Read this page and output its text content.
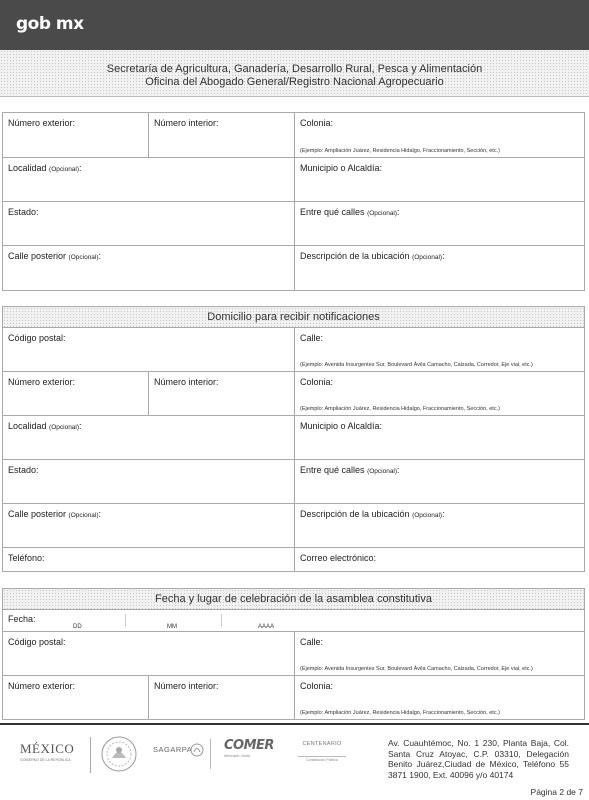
gob mx
Secretaría de Agricultura, Ganadería, Desarrollo Rural, Pesca y Alimentación
Oficina del Abogado General/Registro Nacional Agropecuario
Número exterior:	Número interior:	Colonia:
(Ejemplo: Ampliación Juárez, Residencia Hidalgo, Fraccionamiento, Sección, etc.)
Localidad (Opcional):	Municipio o Alcaldía:
Estado:	Entre qué calles (Opcional):
Calle posterior (Opcional):	Descripción de la ubicación (Opcional):
Domicilio para recibir notificaciones
Código postal:	Calle:
(Ejemplo: Avenida Insurgentes Sur, Boulevard Ávila Camacho, Calzada, Corredor, Eje vial, etc.)
Número exterior:	Número interior:	Colonia:
(Ejemplo: Ampliación Juárez, Residencia Hidalgo, Fraccionamiento, Sección, etc.)
Localidad (Opcional):	Municipio o Alcaldía:
Estado:	Entre qué calles (Opcional):
Calle posterior (Opcional):	Descripción de la ubicación (Opcional):
Teléfono:	Correo electrónico:
Fecha y lugar de celebración de la asamblea constitutiva
Fecha:
DD	MM	AAAA
Código postal:	Calle:
(Ejemplo: Avenida Insurgentes Sur, Boulevard Ávila Camacho, Calzada, Corredor, Eje vial, etc.)
Número exterior:	Número interior:	Colonia:
(Ejemplo: Ampliación Juárez, Residencia Hidalgo, Fraccionamiento, Sección, etc.)
MÉXICO
GOBIERNO DE LA REPÚBLICA
SAGARPA COMER
Mercado Justo
CENTENARIO
Constitución Política
Av. Cuauhtémoc, No. 1 230, Planta Baja, Col. Santa Cruz Atoyac, C.P. 03310, Delegación Benito Juárez,Ciudad de México, Teléfono 55 3871 1900, Ext. 40096 y/o 40174
Página 2 de 7
